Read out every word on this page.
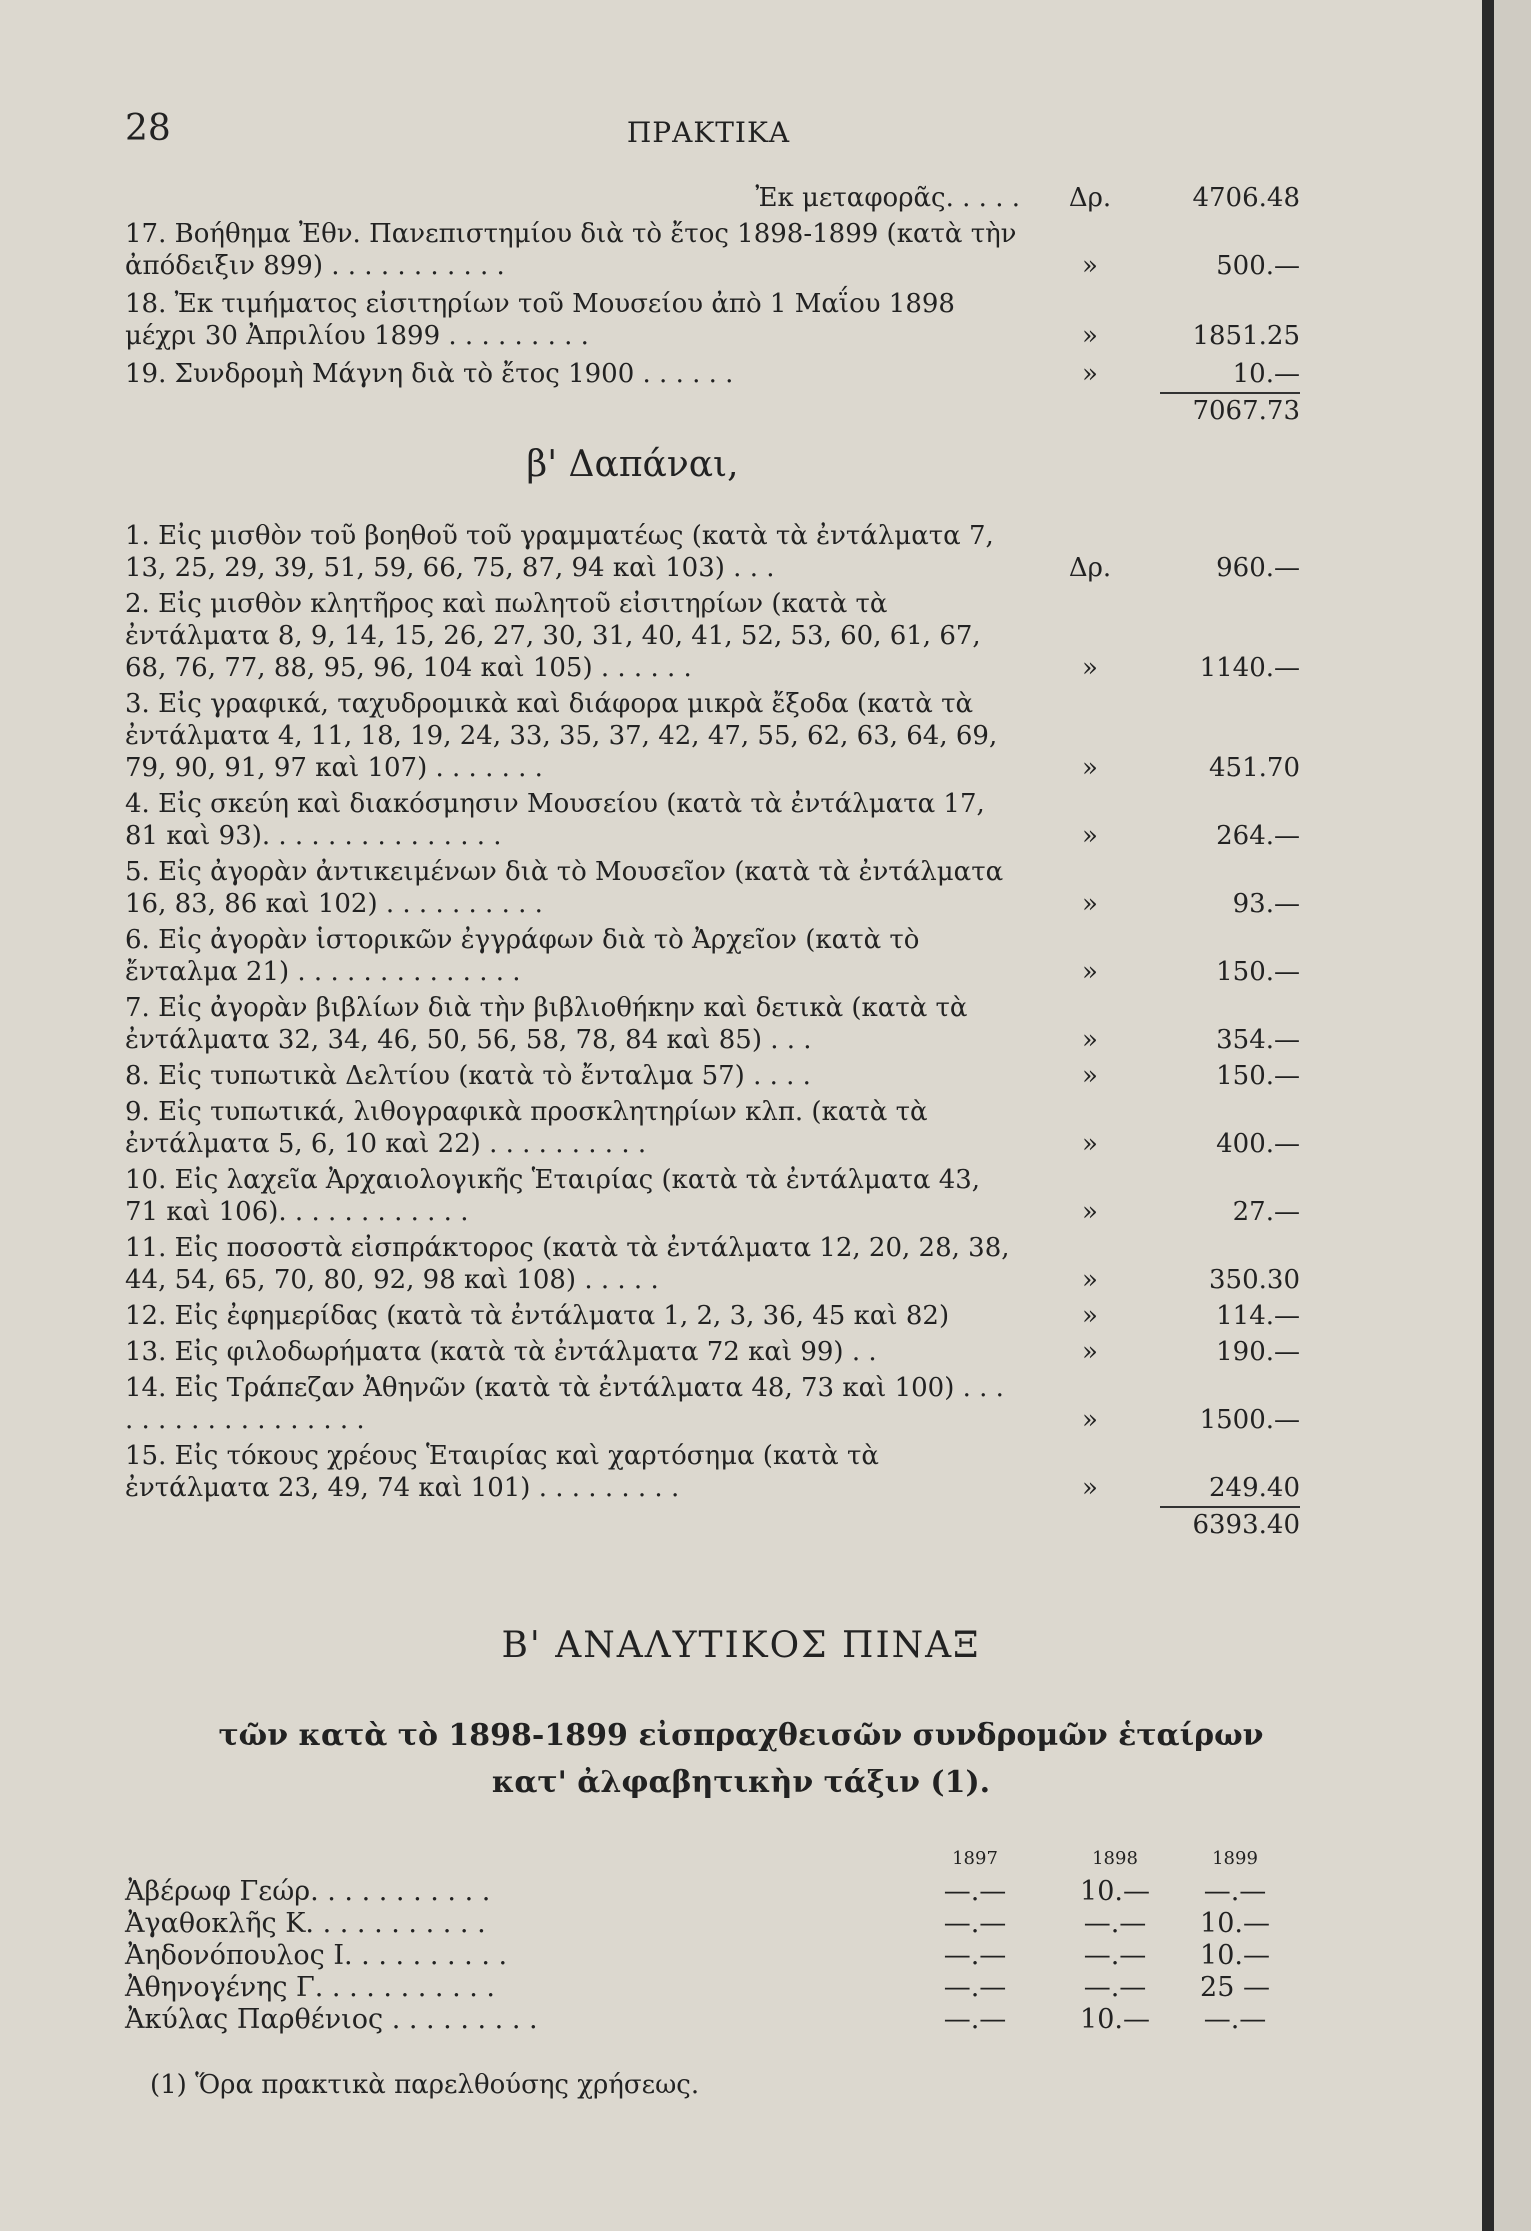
28	ΠΡΑΚΤΙΚΑ
Ἐκ μεταφορᾶς. . . . .	Δρ.	4706.48
17. Βοήθημα Ἐθν. Πανεπιστημίου διὰ τὸ ἔτος 1898-1899 (κατὰ τὴν ἀπόδειξιν 899) . . . . . . . . . . .	»	500.—
18. Ἐκ τιμήματος εἰσιτηρίων τοῦ Μουσείου ἀπὸ 1 Μαΐου 1898 μέχρι 30 Ἀπριλίου 1899 . . . . . . . . .	»	1851.25
19. Συνδρομὴ Μάγνη διὰ τὸ ἔτος 1900 . . . . . .	»	10.—
7067.73
β' Δαπάναι,
1. Εἰς μισθὸν τοῦ βοηθοῦ τοῦ γραμματέως (κατὰ τὰ ἐντάλματα 7, 13, 25, 29, 39, 51, 59, 66, 75, 87, 94 καὶ 103) . . .	Δρ.	960.—
2. Εἰς μισθὸν κλητῆρος καὶ πωλητοῦ εἰσιτηρίων (κατὰ τὰ ἐντάλματα 8, 9, 14, 15, 26, 27, 30, 31, 40, 41, 52, 53, 60, 61, 67, 68, 76, 77, 88, 95, 96, 104 καὶ 105) . . . . . .	»	1140.—
3. Εἰς γραφικά, ταχυδρομικὰ καὶ διάφορα μικρὰ ἔξοδα (κατὰ τὰ ἐντάλματα 4, 11, 18, 19, 24, 33, 35, 37, 42, 47, 55, 62, 63, 64, 69, 79, 90, 91, 97 καὶ 107) . . . . . . .	»	451.70
4. Εἰς σκεύη καὶ διακόσμησιν Μουσείου (κατὰ τὰ ἐντάλματα 17, 81 καὶ 93). . . . . . . . . . . . . . .	»	264.—
5. Εἰς ἀγορὰν ἀντικειμένων διὰ τὸ Μουσεῖον (κατὰ τὰ ἐντάλματα 16, 83, 86 καὶ 102) . . . . . . . . . .	»	93.—
6. Εἰς ἀγορὰν ἱστορικῶν ἐγγράφων διὰ τὸ Ἀρχεῖον (κατὰ τὸ ἔνταλμα 21) . . . . . . . . . . . . . .	»	150.—
7. Εἰς ἀγορὰν βιβλίων διὰ τὴν βιβλιοθήκην καὶ δετικὰ (κατὰ τὰ ἐντάλματα 32, 34, 46, 50, 56, 58, 78, 84 καὶ 85) . . .	»	354.—
8. Εἰς τυπωτικὰ Δελτίου (κατὰ τὸ ἔνταλμα 57) . . . .	»	150.—
9. Εἰς τυπωτικά, λιθογραφικὰ προσκλητηρίων κλπ. (κατὰ τὰ ἐντάλματα 5, 6, 10 καὶ 22) . . . . . . . . . .	»	400.—
10. Εἰς λαχεῖα Ἀρχαιολογικῆς Ἑταιρίας (κατὰ τὰ ἐντάλματα 43, 71 καὶ 106). . . . . . . . . . . .	»	27.—
11. Εἰς ποσοστὰ εἰσπράκτορος (κατὰ τὰ ἐντάλματα 12, 20, 28, 38, 44, 54, 65, 70, 80, 92, 98 καὶ 108) . . . . .	»	350.30
12. Εἰς ἐφημερίδας (κατὰ τὰ ἐντάλματα 1, 2, 3, 36, 45 καὶ 82)	»	114.—
13. Εἰς φιλοδωρήματα (κατὰ τὰ ἐντάλματα 72 καὶ 99) . .	»	190.—
14. Εἰς Τράπεζαν Ἀθηνῶν (κατὰ τὰ ἐντάλματα 48, 73 καὶ 100) . . . . . . . . . . . . . . . . . .	»	1500.—
15. Εἰς τόκους χρέους Ἑταιρίας καὶ χαρτόσημα (κατὰ τὰ ἐντάλματα 23, 49, 74 καὶ 101) . . . . . . . . .	»	249.40
6393.40
Β' ΑΝΑΛΥΤΙΚΟΣ ΠΙΝΑΞ
τῶν κατὰ τὸ 1898-1899 εἰσπραχθεισῶν συνδρομῶν ἑταίρων
κατ' ἀλφαβητικὴν τάξιν (1).
1897	1898	1899
Ἀβέρωφ Γεώρ. . . . . . . . . . .	—.—	10.—	—.—
Ἀγαθοκλῆς Κ. . . . . . . . . . .	—.—	—.—	10.—
Ἀηδονόπουλος Ι. . . . . . . . . .	—.—	—.—	10.—
Ἀθηνογένης Γ. . . . . . . . . . .	—.—	—.—	25 —
Ἀκύλας Παρθένιος . . . . . . . . .	—.—	10.—	—.—
(1) Ὅρα πρακτικὰ παρελθούσης χρήσεως.
